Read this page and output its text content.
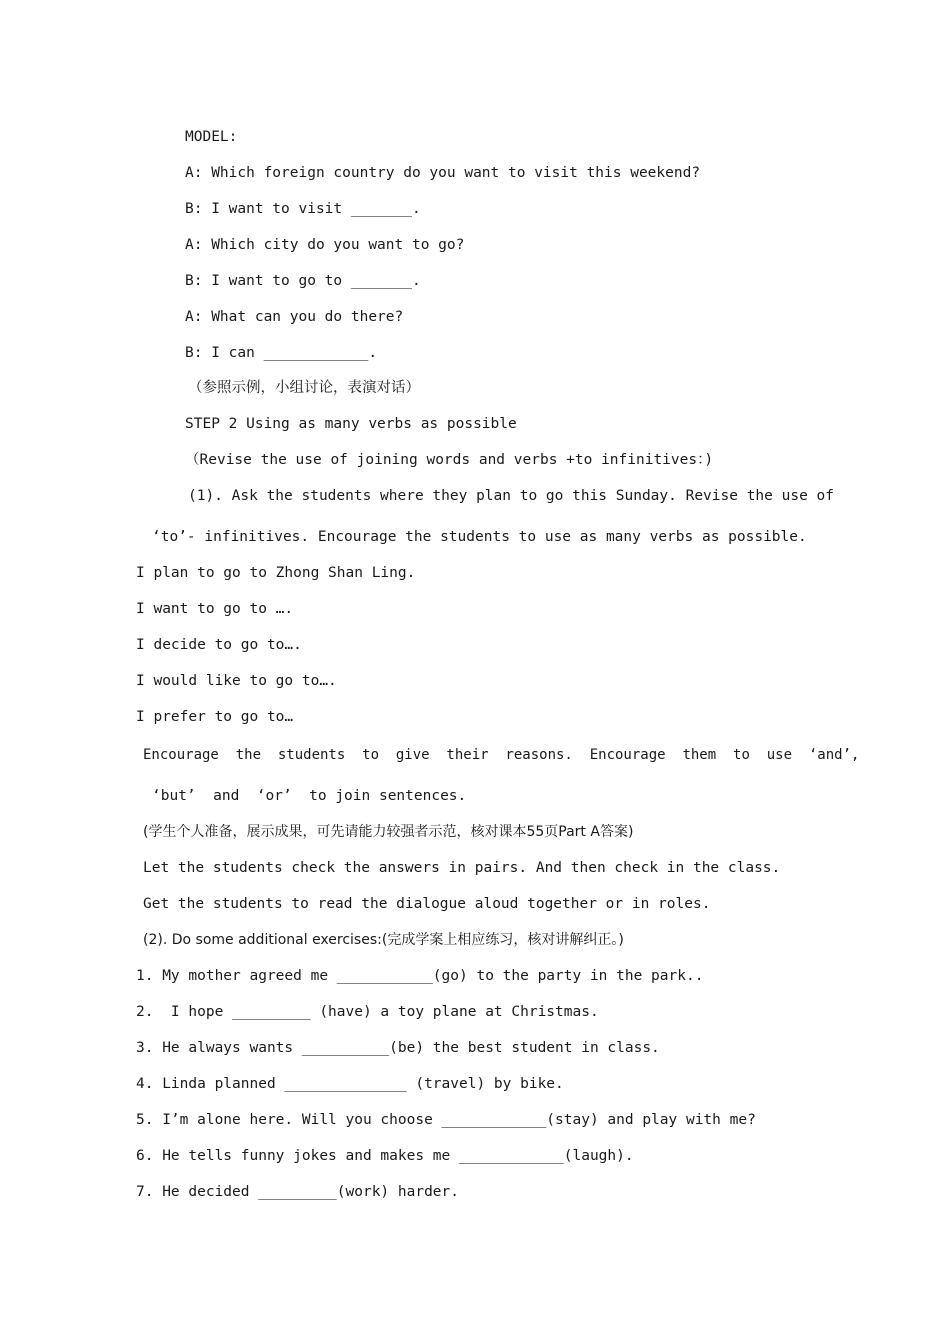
MODEL:
A: Which foreign country do you want to visit this weekend?
B: I want to visit _______.
A: Which city do you want to go?
B: I want to go to _______.
A: What can you do there?
B: I can ____________.
（参照示例，小组讨论，表演对话）
STEP 2 Using as many verbs as possible
（Revise the use of joining words and verbs +to infinitives：)
(1). Ask the students where they plan to go this Sunday. Revise the use of
‘to’- infinitives. Encourage the students to use as many verbs as possible.
I plan to go to Zhong Shan Ling.
I want to go to ….
I decide to go to….
I would like to go to….
I prefer to go to…
Encourage  the  students  to  give  their  reasons.  Encourage  them  to  use  ‘and’,
‘but’  and  ‘or’  to join sentences.
(学生个人准备，展示成果，可先请能力较强者示范，核对课本55页Part A答案)
Let the students check the answers in pairs. And then check in the class.
Get the students to read the dialogue aloud together or in roles.
(2). Do some additional exercises:(完成学案上相应练习，核对讲解纠正。)
1. My mother agreed me ___________(go) to the party in the park..
2.  I hope _________ (have) a toy plane at Christmas.
3. He always wants __________(be) the best student in class.
4. Linda planned ______________ (travel) by bike.
5. I’m alone here. Will you choose ____________(stay) and play with me?
6. He tells funny jokes and makes me ____________(laugh).
7. He decided _________(work) harder.
